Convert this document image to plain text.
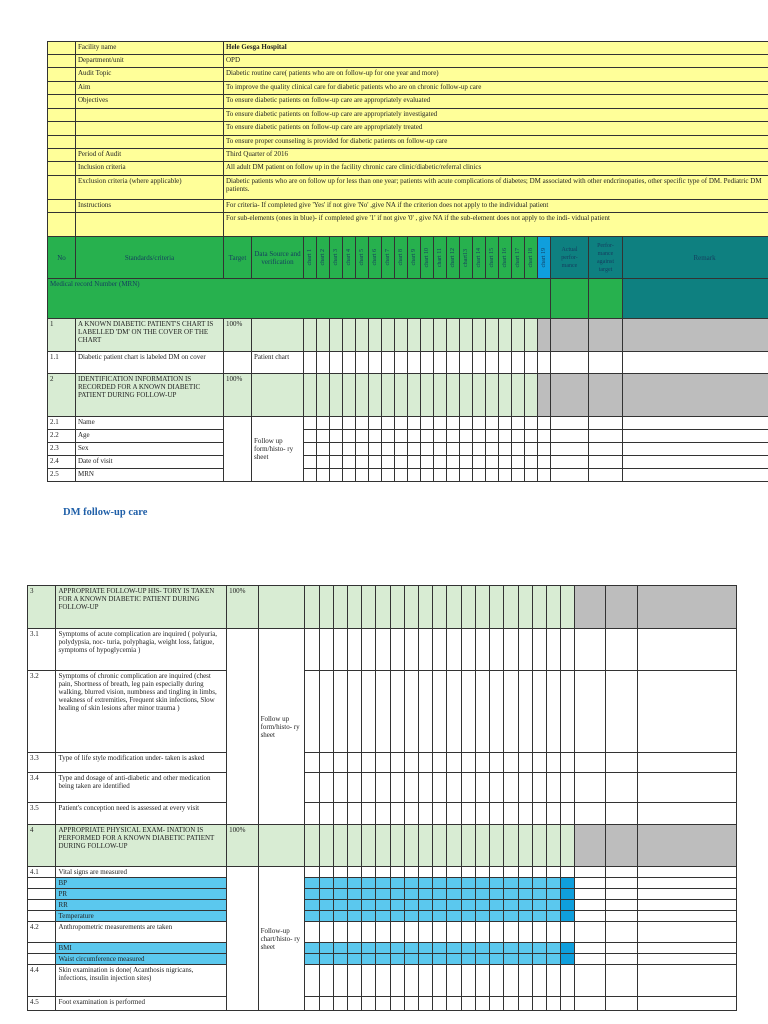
	Facility name	Hele Gesga Hospital																							
	Department/unit	OPD																							
	Audit Topic	Diabetic routine care( patients who are on follow-up for one year and more)																							
	Aim	To improve the quality clinical care for diabetic patients who are on chronic follow-up care																							
	Objectives	To ensure diabetic patients on follow-up care are appropriately evaluated																							
		To ensure diabetic patients on follow-up care are appropriately investigated																							
		To ensure diabetic patients on follow-up care are appropriately treated																							
		To ensure proper counseling is provided for diabetic patients on follow-up care																							
	Period of Audit	Third Quarter of 2016																							
	Inclusion criteria	All adult DM patient on follow up in the facility chronic care clinic/diabetic/referral clinics																							
	Exclusion criteria (where applicable)	Diabetic patients who are on follow up for less than one year; patients with acute complications of diabetes; DM associated with other endcrinopaties, other specific type of DM. Pediatric DM patients.																							
	Instructions	For criteria- If completed give 'Yes' if not give 'No' ,give NA if the criterion does not apply to the individual patient																							
		For sub-elements (ones in blue)- if completed give '1' if not give '0' , give NA if the sub-element does not apply to the indi- vidual patient																							
No	Standards/criteria	Target	Data Source and verification	chart 1	chart 2	chart 3	chart 4	chart 5	chart 6	chart 7	chart 8	chart 9	chart 10	chart 11	chart 12	chart13	chart 14	chart 15	chart 16	chart 17	chart 18	chart 19	Actual perfor- mance	Perfor- mance against target	Remark
Medical record Number (MRN)																									
1	A KNOWN DIABETIC PATIENT'S CHART IS LABELLED 'DM' ON THE COVER OF THE CHART	100%																							
1.1	Diabetic patient chart is labeled DM on cover		Patient chart																						
2	IDENTIFICATION INFORMATION IS RECORDED FOR A KNOWN DIABETIC PATIENT DURING FOLLOW-UP	100%																							
2.1	Name		Follow up form/histo- ry sheet																						
2.2	Age																								
2.3	Sex																								
2.4	Date of visit																								
2.5	MRN																								
DM follow-up care
3	APPROPRIATE FOLLOW-UP HIS- TORY IS TAKEN FOR A KNOWN DIABETIC PATIENT DURING FOLLOW-UP	100%																							
3.1	Symptoms of acute complication are inquired ( polyuria, polydypsia, noc- turia, polyphagia, weight loss, fatigue, symptoms of hypoglycemia )		Follow up form/histo- ry sheet																						
3.2	Symptoms of chronic complication are inquired (chest pain, Shortness of breath, leg pain especially during walking, blurred vision, numbness and tingling in limbs, weakness of extremities, Frequent skin infections, Slow healing of skin lesions after minor trauma )																								
3.3	Type of life style modification under- taken is asked																								
3.4	Type and dosage of anti-diabetic and other medication being taken are identified																								
3.5	Patient's conception need is assessed at every visit																								
4	APPROPRIATE PHYSICAL EXAM- INATION IS PERFORMED FOR A KNOWN DIABETIC PATIENT DURING FOLLOW-UP	100%																							
4.1	Vital signs are measured		Follow-up chart/histo- ry sheet																						
	BP																								
	PR																								
	RR																								
	Temperature																								
4.2	Anthropometric measurements are taken																								
	BMI																								
	Waist circumference measured																								
4.4	Skin examination is done( Acanthosis nigricans, infections, insulin injection sites)																								
4.5	Foot examination is performed																								
